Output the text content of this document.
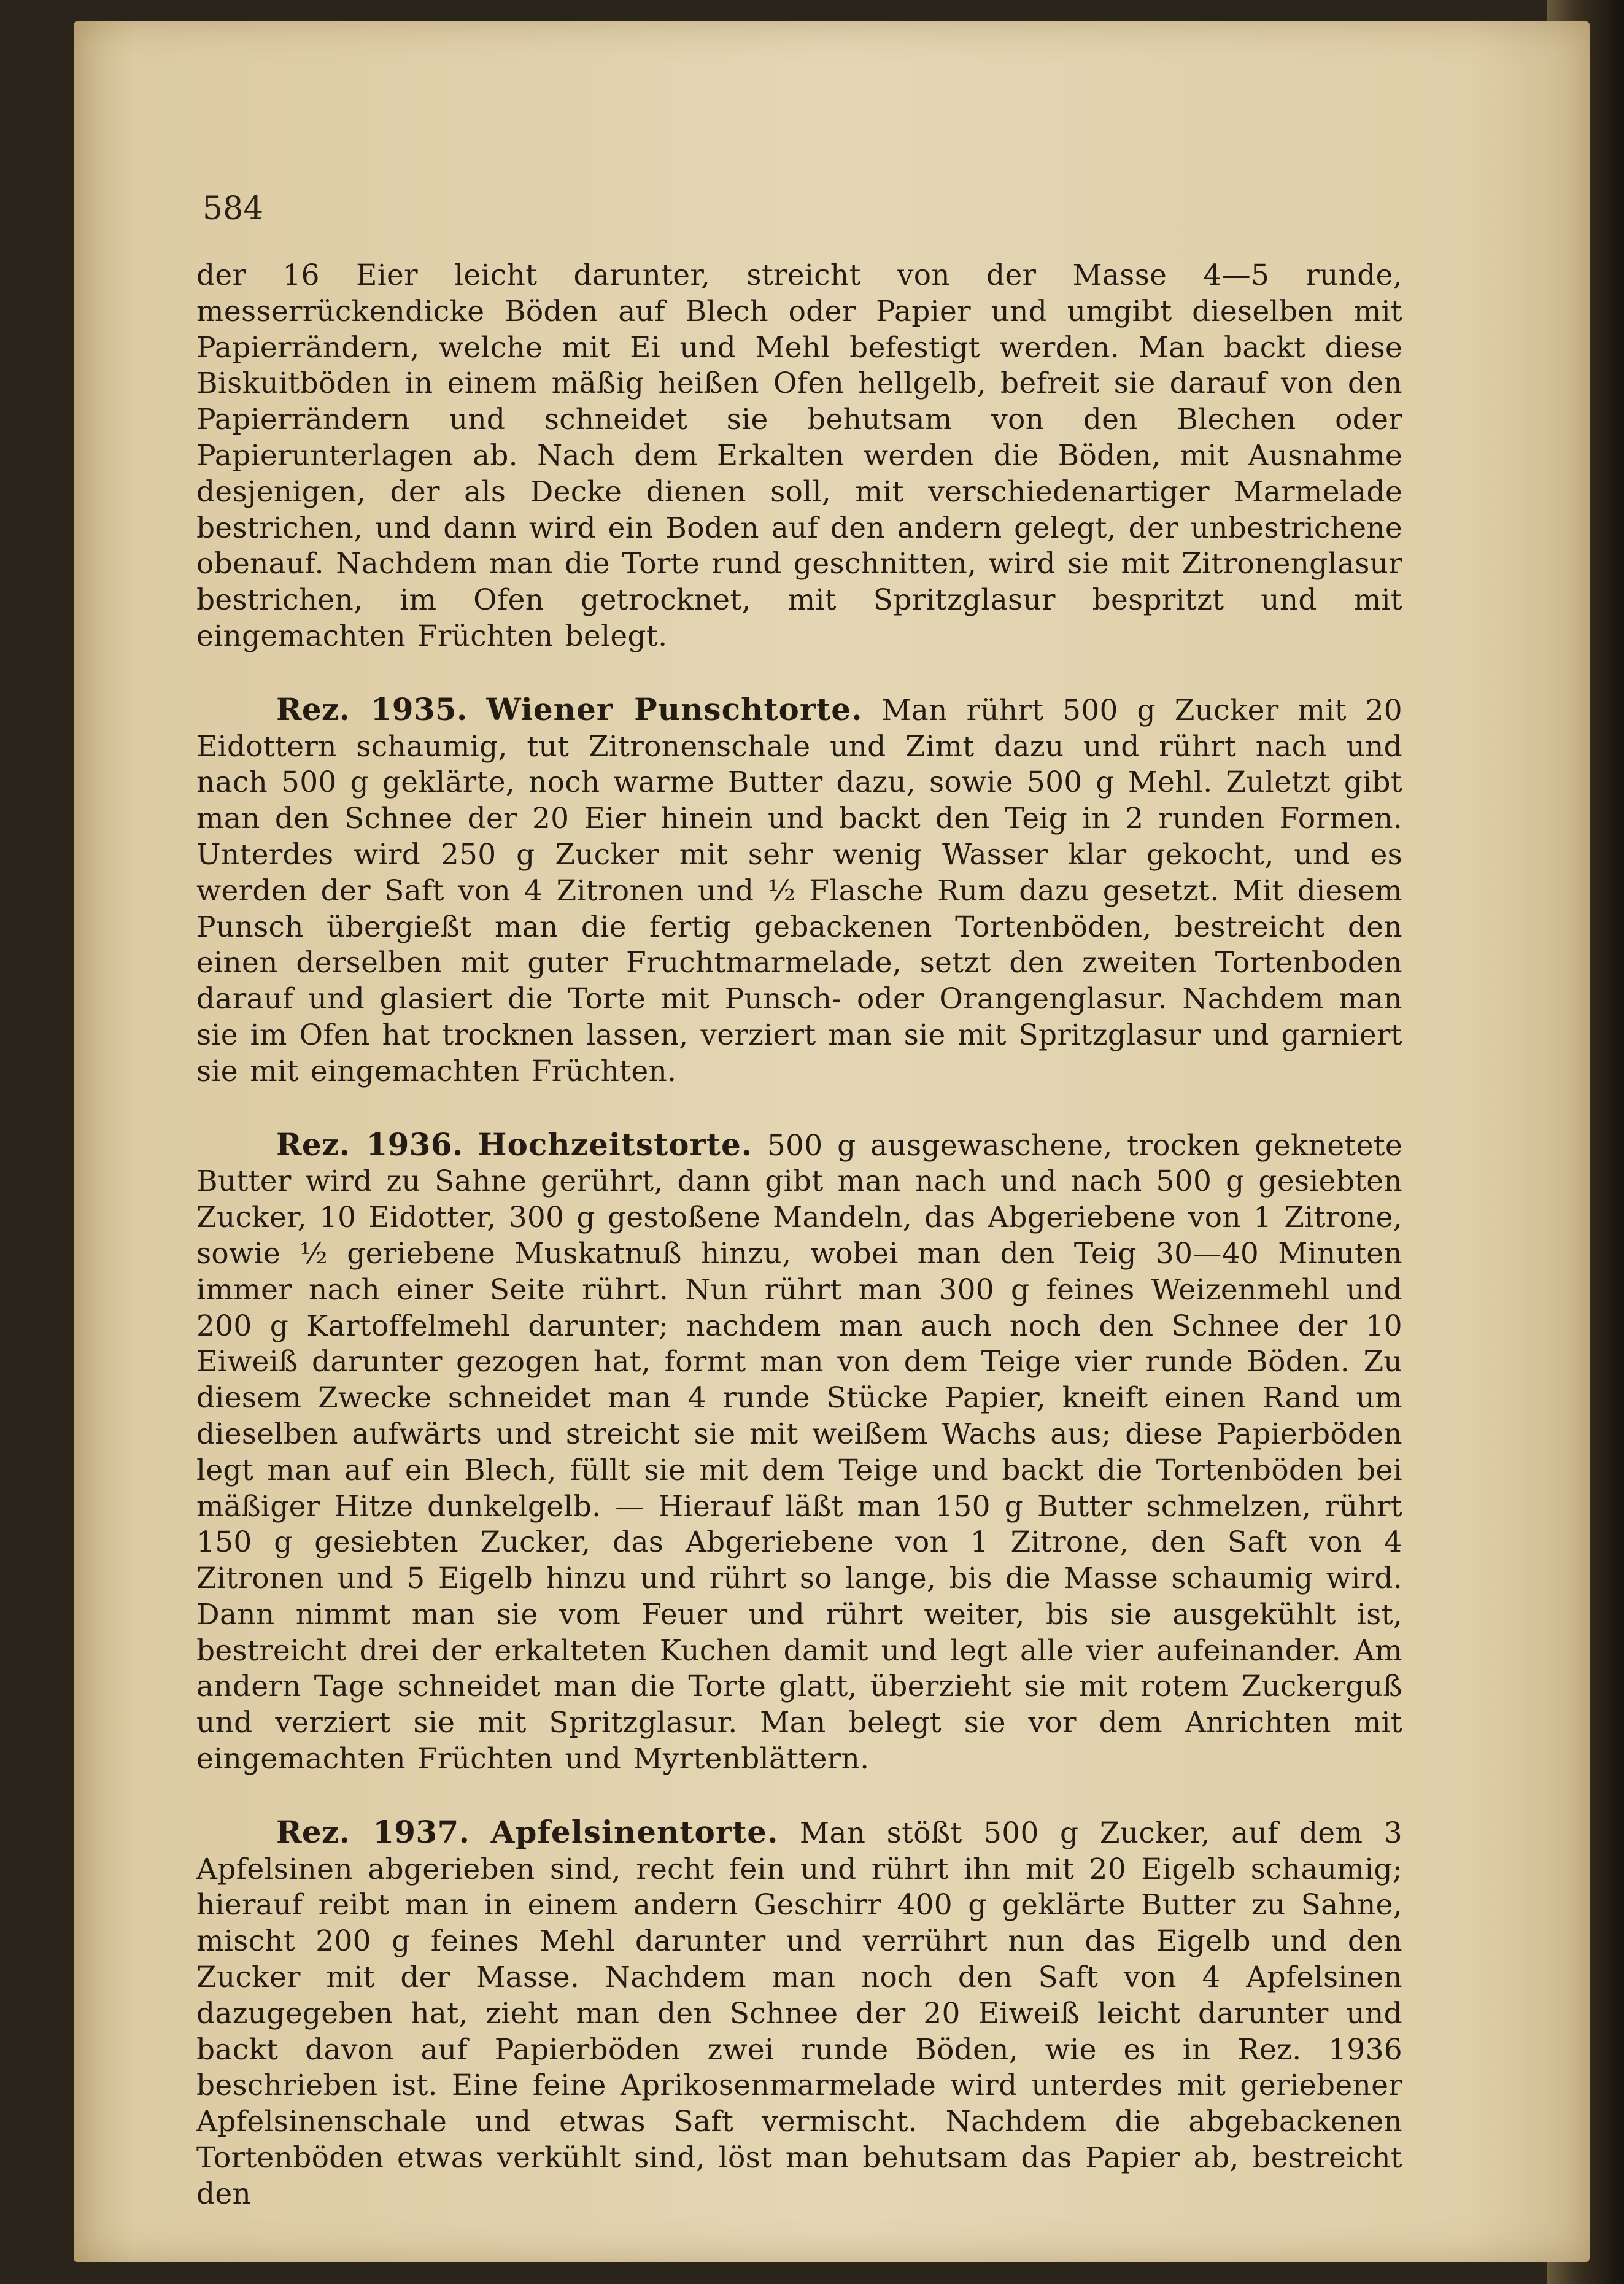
584

der 16 Eier leicht darunter, streicht von der Masse 4—5 runde, messerrückendicke Böden auf Blech oder Papier und umgibt dieselben mit Papierrändern, welche mit Ei und Mehl befestigt werden. Man backt diese Biskuitböden in einem mäßig heißen Ofen hellgelb, befreit sie darauf von den Papierrändern und schneidet sie behutsam von den Blechen oder Papierunterlagen ab. Nach dem Erkalten werden die Böden, mit Ausnahme desjenigen, der als Decke dienen soll, mit verschiedenartiger Marmelade bestrichen, und dann wird ein Boden auf den andern gelegt, der unbestrichene obenauf. Nachdem man die Torte rund geschnitten, wird sie mit Zitronenglasur bestrichen, im Ofen getrocknet, mit Spritzglasur bespritzt und mit eingemachten Früchten belegt.

Rez. 1935. Wiener Punschtorte. Man rührt 500 g Zucker mit 20 Eidottern schaumig, tut Zitronenschale und Zimt dazu und rührt nach und nach 500 g geklärte, noch warme Butter dazu, sowie 500 g Mehl. Zuletzt gibt man den Schnee der 20 Eier hinein und backt den Teig in 2 runden Formen. Unterdes wird 250 g Zucker mit sehr wenig Wasser klar gekocht, und es werden der Saft von 4 Zitronen und ½ Flasche Rum dazu gesetzt. Mit diesem Punsch übergießt man die fertig gebackenen Tortenböden, bestreicht den einen derselben mit guter Fruchtmarmelade, setzt den zweiten Tortenboden darauf und glasiert die Torte mit Punsch- oder Orangenglasur. Nachdem man sie im Ofen hat trocknen lassen, verziert man sie mit Spritzglasur und garniert sie mit eingemachten Früchten.

Rez. 1936. Hochzeitstorte. 500 g ausgewaschene, trocken geknetete Butter wird zu Sahne gerührt, dann gibt man nach und nach 500 g gesiebten Zucker, 10 Eidotter, 300 g gestoßene Mandeln, das Abgeriebene von 1 Zitrone, sowie ½ geriebene Muskatnuß hinzu, wobei man den Teig 30—40 Minuten immer nach einer Seite rührt. Nun rührt man 300 g feines Weizenmehl und 200 g Kartoffelmehl darunter; nachdem man auch noch den Schnee der 10 Eiweiß darunter gezogen hat, formt man von dem Teige vier runde Böden. Zu diesem Zwecke schneidet man 4 runde Stücke Papier, kneift einen Rand um dieselben aufwärts und streicht sie mit weißem Wachs aus; diese Papierböden legt man auf ein Blech, füllt sie mit dem Teige und backt die Tortenböden bei mäßiger Hitze dunkelgelb. — Hierauf läßt man 150 g Butter schmelzen, rührt 150 g gesiebten Zucker, das Abgeriebene von 1 Zitrone, den Saft von 4 Zitronen und 5 Eigelb hinzu und rührt so lange, bis die Masse schaumig wird. Dann nimmt man sie vom Feuer und rührt weiter, bis sie ausgekühlt ist, bestreicht drei der erkalteten Kuchen damit und legt alle vier aufeinander. Am andern Tage schneidet man die Torte glatt, überzieht sie mit rotem Zuckerguß und verziert sie mit Spritzglasur. Man belegt sie vor dem Anrichten mit eingemachten Früchten und Myrtenblättern.

Rez. 1937. Apfelsinentorte. Man stößt 500 g Zucker, auf dem 3 Apfelsinen abgerieben sind, recht fein und rührt ihn mit 20 Eigelb schaumig; hierauf reibt man in einem andern Geschirr 400 g geklärte Butter zu Sahne, mischt 200 g feines Mehl darunter und verrührt nun das Eigelb und den Zucker mit der Masse. Nachdem man noch den Saft von 4 Apfelsinen dazugegeben hat, zieht man den Schnee der 20 Eiweiß leicht darunter und backt davon auf Papierböden zwei runde Böden, wie es in Rez. 1936 beschrieben ist. Eine feine Aprikosenmarmelade wird unterdes mit geriebener Apfelsinenschale und etwas Saft vermischt. Nachdem die abgebackenen Tortenböden etwas verkühlt sind, löst man behutsam das Papier ab, bestreicht den
